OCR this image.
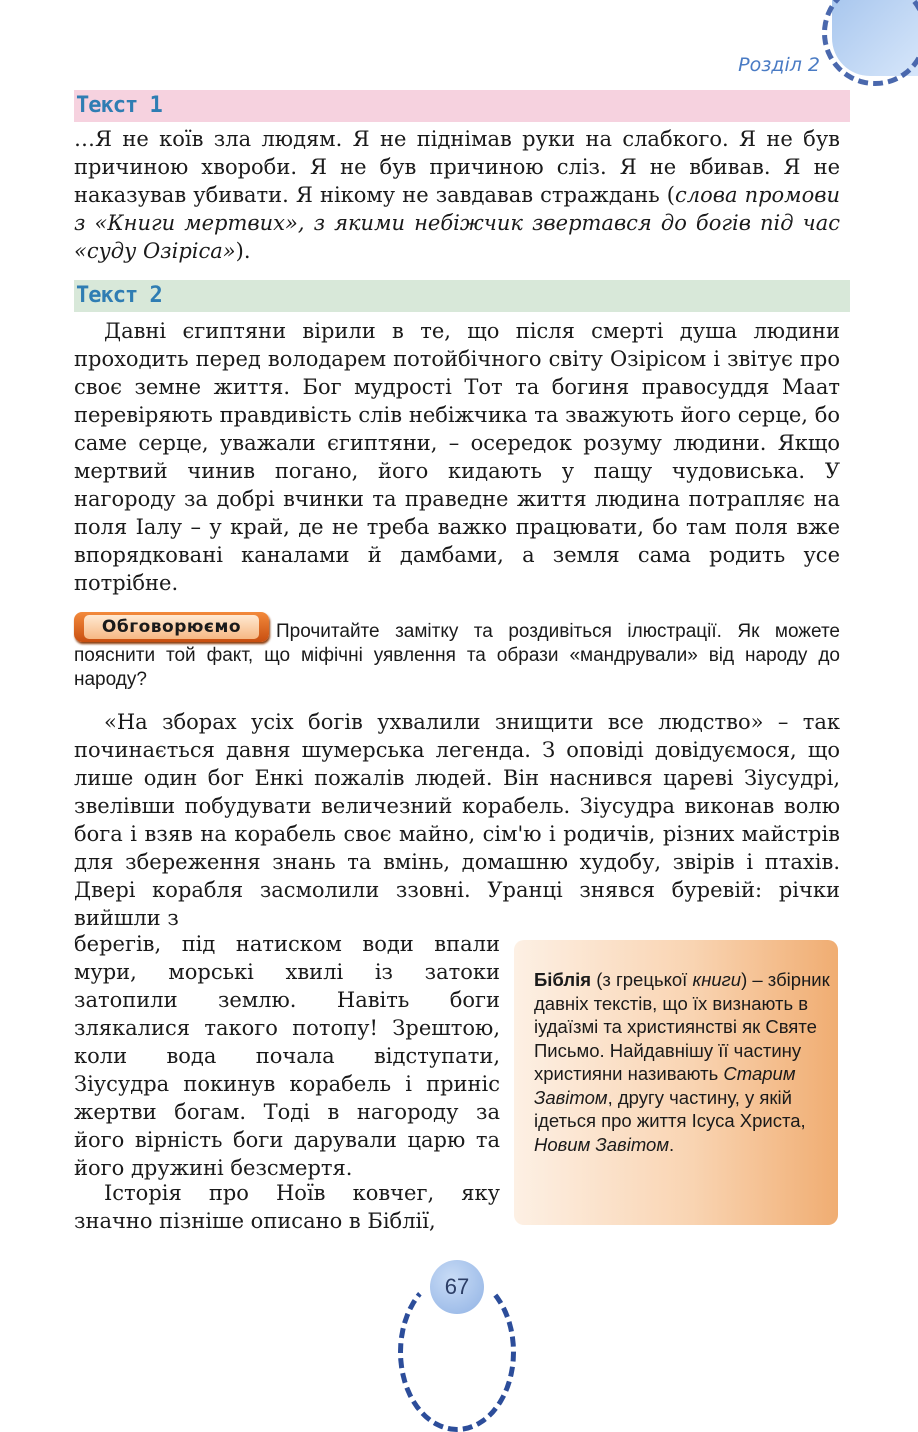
Розділ 2
Текст 1

…Я не коїв зла людям. Я не піднімав руки на слабкого. Я не був причиною хвороби. Я не був причиною сліз. Я не вбивав. Я не наказував убивати. Я нікому не завдавав страждань (слова промови з «Книги мертвих», з якими небіжчик звертався до богів під час «суду Озіріса»).

Текст 2

Давні єгиптяни вірили в те, що після смерті душа людини проходить перед володарем потойбічного світу Озірісом і звітує про своє земне життя. Бог мудрості Тот та богиня правосуддя Маат перевіряють правдивість слів небіжчика та зважують його серце, бо саме серце, уважали єгиптяни, – осередок розуму людини. Якщо мертвий чинив погано, його кидають у пащу чудовиська. У нагороду за добрі вчинки та праведне життя людина потрапляє на поля Іалу – у край, де не треба важко працювати, бо там поля вже впорядковані каналами й дамбами, а земля сама родить усе потрібне.

Обговорюємо	Прочитайте замітку та роздивіться ілюстрації. Як можете пояснити той факт, що міфічні уявлення та образи «мандрували» від народу до народу?

«На зборах усіх богів ухвалили знищити все людство» – так починається давня шумерська легенда. З оповіді довідуємося, що лише один бог Енкі пожалів людей. Він наснився цареві Зіусудрі, звелівши побудувати величезний корабель. Зіусудра виконав волю бога і взяв на корабель своє майно, сім'ю і родичів, різних майстрів для збереження знань та вмінь, домашню худобу, звірів і птахів. Двері корабля засмолили ззовні. Уранці знявся буревій: річки вийшли з

берегів, під натиском води впали мури, морські хвилі із затоки затопили землю. Навіть боги злякалися такого потопу! Зрештою, коли вода почала відступати, Зіусудра покинув корабель і приніс жертви богам. Тоді в нагороду за його вірність боги дарували царю та його дружині безсмертя.

Історія про Ноїв ковчег, яку значно пізніше описано в Біблії,

Біблія (з грецької книги) – збірник давніх текстів, що їх визнають в іудаїзмі та християнстві як Святе Письмо. Найдавнішу її частину християни називають Старим Завітом, другу частину, у якій ідеться про життя Ісуса Христа, Новим Завітом.

67
